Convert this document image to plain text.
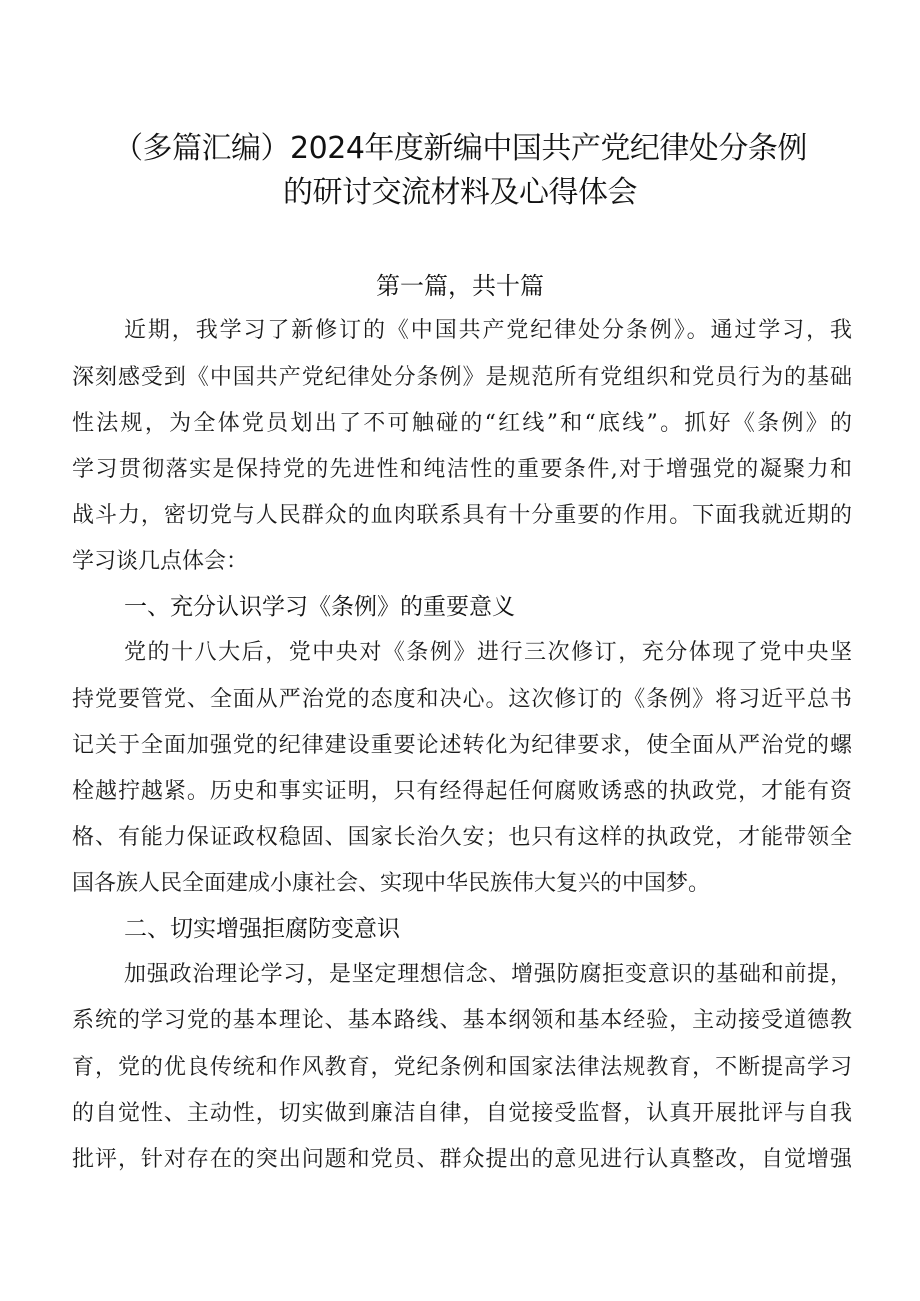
（多篇汇编）2024年度新编中国共产党纪律处分条例
的研讨交流材料及心得体会
第一篇，共十篇
近期，我学习了新修订的《中国共产党纪律处分条例》。通过学习，我
深刻感受到《中国共产党纪律处分条例》是规范所有党组织和党员行为的基础
性法规，为全体党员划出了不可触碰的“红线”和“底线”。抓好《条例》的
学习贯彻落实是保持党的先进性和纯洁性的重要条件,对于增强党的凝聚力和
战斗力，密切党与人民群众的血肉联系具有十分重要的作用。下面我就近期的
学习谈几点体会：
一、充分认识学习《条例》的重要意义
党的十八大后，党中央对《条例》进行三次修订，充分体现了党中央坚
持党要管党、全面从严治党的态度和决心。这次修订的《条例》将习近平总书
记关于全面加强党的纪律建设重要论述转化为纪律要求，使全面从严治党的螺
栓越拧越紧。历史和事实证明，只有经得起任何腐败诱惑的执政党，才能有资
格、有能力保证政权稳固、国家长治久安；也只有这样的执政党，才能带领全
国各族人民全面建成小康社会、实现中华民族伟大复兴的中国梦。
二、切实增强拒腐防变意识
加强政治理论学习，是坚定理想信念、增强防腐拒变意识的基础和前提，
系统的学习党的基本理论、基本路线、基本纲领和基本经验，主动接受道德教
育，党的优良传统和作风教育，党纪条例和国家法律法规教育，不断提高学习
的自觉性、主动性，切实做到廉洁自律，自觉接受监督，认真开展批评与自我
批评，针对存在的突出问题和党员、群众提出的意见进行认真整改，自觉增强
